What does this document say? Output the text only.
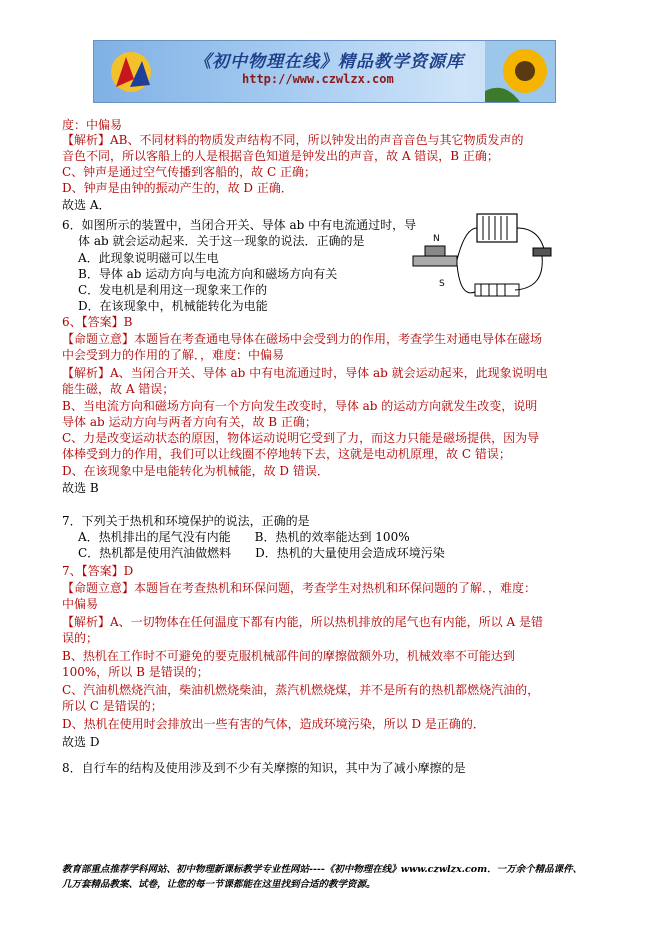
《初中物理在线》精品教学资源库
http://www.czwlzx.com
度：中偏易
【解析】AB、不同材料的物质发声结构不同，所以钟发出的声音音色与其它物质发声的
音色不同，所以客船上的人是根据音色知道是钟发出的声音，故 A 错误，B 正确；
C、钟声是通过空气传播到客船的，故 C 正确；
D、钟声是由钟的振动产生的，故 D 正确．
故选 A．
6．如图所示的装置中，当闭合开关、导体 ab 中有电流通过时，导
体 ab 就会运动起来．关于这一现象的说法．正确的是
A．此现象说明磁可以生电
B．导体 ab 运动方向与电流方向和磁场方向有关
C．发电机是利用这一现象来工作的
D．在该现象中，机械能转化为电能
6、【答案】B
【命题立意】本题旨在考查通电导体在磁场中会受到力的作用，考查学生对通电导体在磁场
中会受到力的作用的了解．，难度：中偏易
【解析】A、当闭合开关、导体 ab 中有电流通过时，导体 ab 就会运动起来，此现象说明电
能生磁，故 A 错误；
B、当电流方向和磁场方向有一个方向发生改变时，导体 ab 的运动方向就发生改变，说明
导体 ab 运动方向与两者方向有关，故 B 正确；
C、力是改变运动状态的原因，物体运动说明它受到了力，而这力只能是磁场提供，因为导
体棒受到力的作用，我们可以让线圈不停地转下去，这就是电动机原理，故 C 错误；
D、在该现象中是电能转化为机械能，故 D 错误．
故选 B
7．下列关于热机和环境保护的说法，正确的是
A．热机排出的尾气没有内能　　B．热机的效率能达到 100%
C．热机都是使用汽油做燃料　　D．热机的大量使用会造成环境污染
7、【答案】D
【命题立意】本题旨在考查热机和环保问题，考查学生对热机和环保问题的了解．，难度：
中偏易
【解析】A、一切物体在任何温度下都有内能，所以热机排放的尾气也有内能，所以 A 是错
误的；
B、热机在工作时不可避免的要克服机械部件间的摩擦做额外功，机械效率不可能达到
100%，所以 B 是错误的；
C、汽油机燃烧汽油，柴油机燃烧柴油，蒸汽机燃烧煤，并不是所有的热机都燃烧汽油的，
所以 C 是错误的；
D、热机在使用时会排放出一些有害的气体，造成环境污染，所以 D 是正确的．
故选 D
8．自行车的结构及使用涉及到不少有关摩擦的知识，其中为了减小摩擦的是
N
S
教育部重点推荐学科网站、初中物理新课标教学专业性网站----《初中物理在线》www.czwlzx.com．一万余个精品课件、
几万套精品教案、试卷，让您的每一节课都能在这里找到合适的教学资源。
